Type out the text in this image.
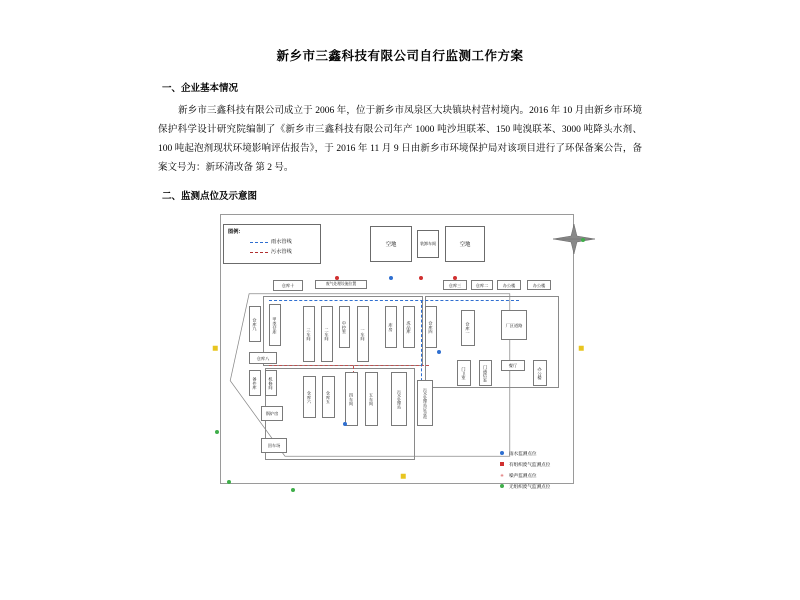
新乡市三鑫科技有限公司自行监测工作方案
一、企业基本情况
新乡市三鑫科技有限公司成立于 2006 年，位于新乡市凤泉区大块镇块村营村境内。2016 年 10 月由新乡市环境保护科学设计研究院编制了《新乡市三鑫科技有限公司年产 1000 吨沙坦联苯、150 吨溴联苯、3000 吨降头水剂、100 吨起泡剂现状环境影响评估报告》，于 2016 年 11 月 9 日由新乡市环境保护局对该项目进行了环保备案公告，备案文号为：新环清改备 第 2 号。
二、监测点位及示意图
图例：
雨水管线
污水管线
空地	装卸车间	空地
仓库十	废气处理设施位置
仓库九	甲类仓库
仓库八
备件库	机修间
锅炉房
回车场
三车间	二车间
中控室
一车间
仓库六	仓库五	四车间	五车间	污水处理站	污水处理站应急池
库房	成品库	仓库四
仓库三	仓库二	办公楼	办公楼
仓库一	厂区道路
门卫室	门通信室	餐厅
办公楼
雨水监测点位
有组织废气监测点位
✳ 噪声监测点位
无组织废气监测点位
